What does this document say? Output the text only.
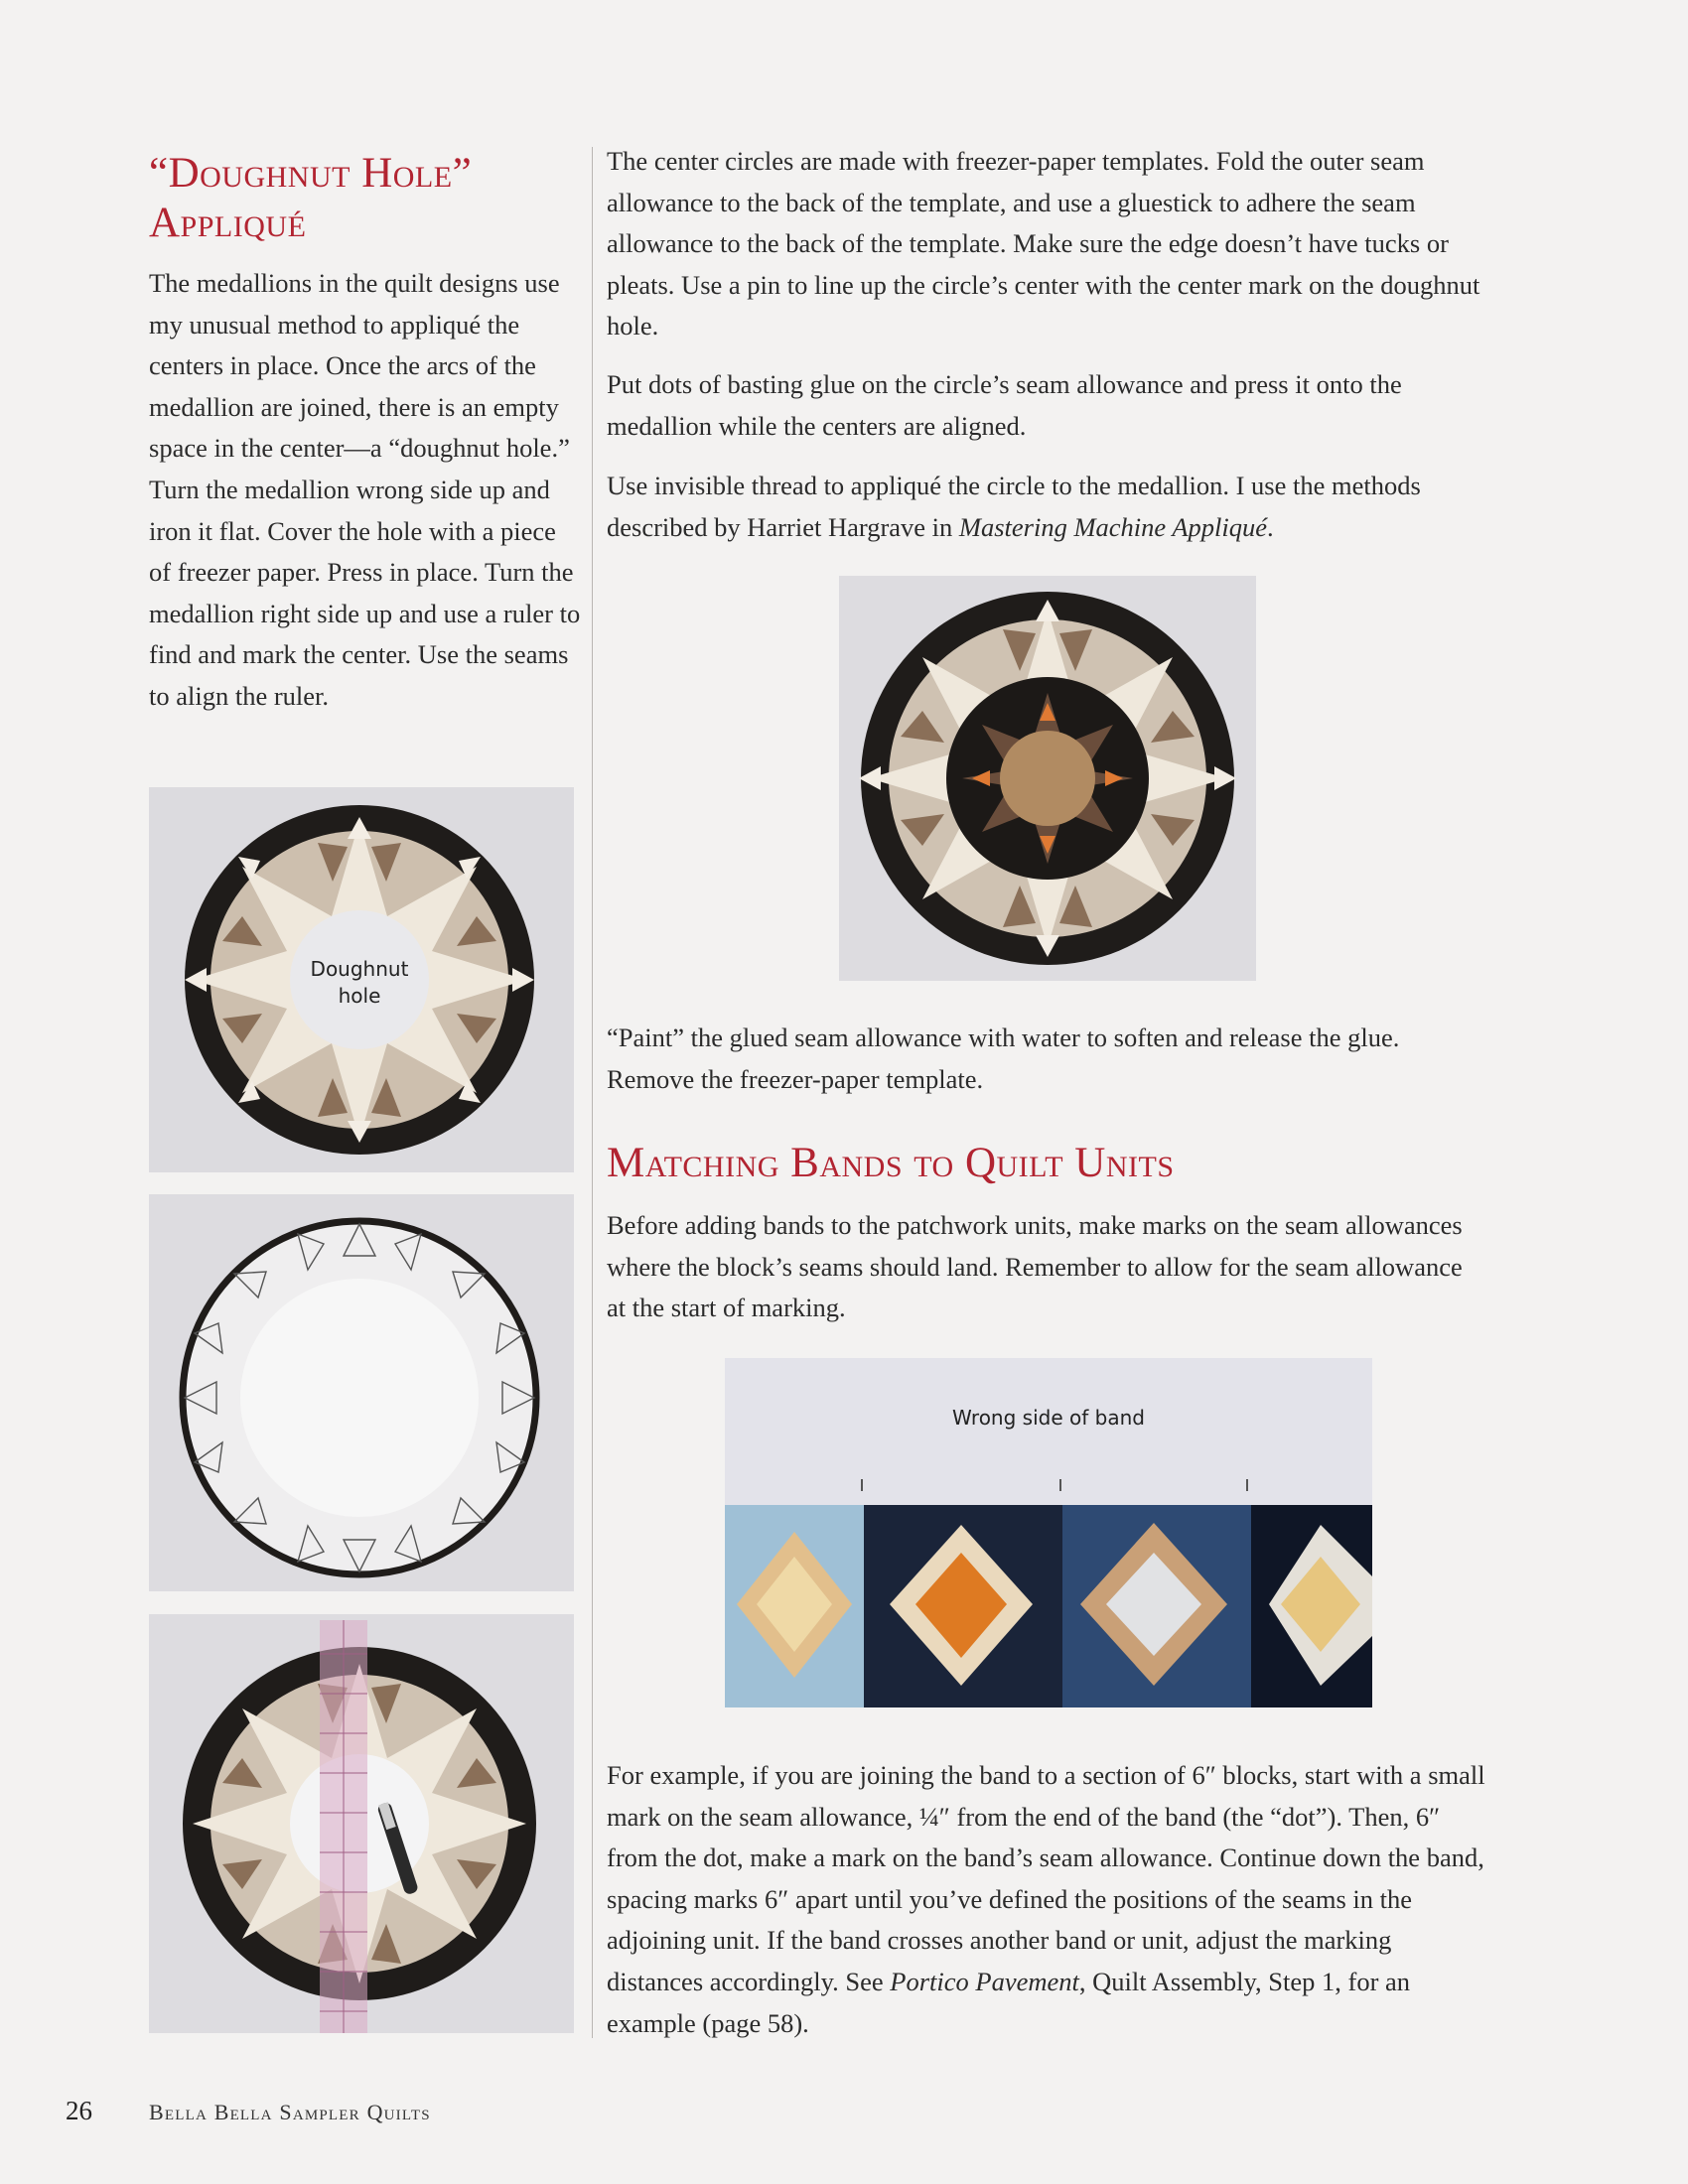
“Doughnut Hole”
Appliqué

The medallions in the quilt designs use my unusual method to appliqué the centers in place. Once the arcs of the medallion are joined, there is an empty space in the center—a “doughnut hole.” Turn the medallion wrong side up and iron it flat. Cover the hole with a piece of freezer paper. Press in place. Turn the medallion right side up and use a ruler to find and mark the center. Use the seams to align the ruler.

Doughnut
hole

The center circles are made with freezer-paper templates. Fold the outer seam allowance to the back of the template, and use a gluestick to adhere the seam allowance to the back of the template. Make sure the edge doesn’t have tucks or pleats. Use a pin to line up the circle’s center with the center mark on the doughnut hole.

Put dots of basting glue on the circle’s seam allowance and press it onto the medallion while the centers are aligned.

Use invisible thread to appliqué the circle to the medallion. I use the methods described by Harriet Hargrave in Mastering Machine Appliqué.

“Paint” the glued seam allowance with water to soften and release the glue. Remove the freezer-paper template.

Matching Bands to Quilt Units

Before adding bands to the patchwork units, make marks on the seam allowances where the block’s seams should land. Remember to allow for the seam allowance at the start of marking.

Wrong side of band

For example, if you are joining the band to a section of 6″ blocks, start with a small mark on the seam allowance, ¼″ from the end of the band (the “dot”). Then, 6″ from the dot, make a mark on the band’s seam allowance. Continue down the band, spacing marks 6″ apart until you’ve defined the positions of the seams in the adjoining unit. If the band crosses another band or unit, adjust the marking distances accordingly. See Portico Pavement, Quilt Assembly, Step 1, for an example (page 58).

26	Bella Bella Sampler Quilts
